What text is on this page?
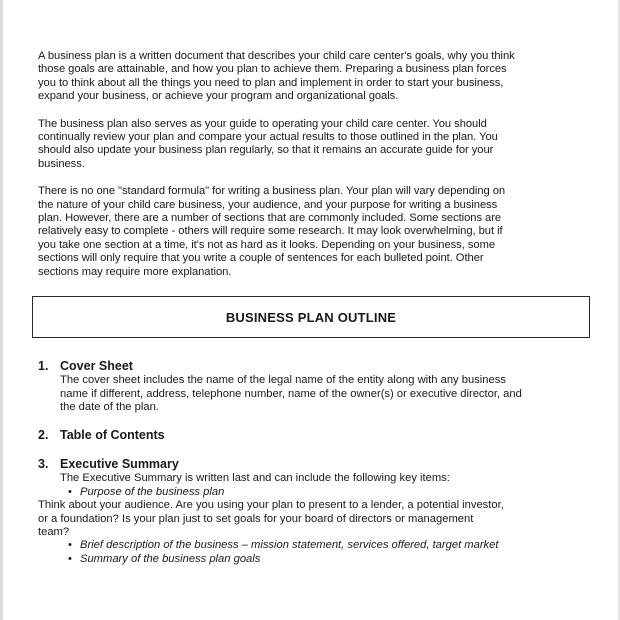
A business plan is a written document that describes your child care center's goals, why you think
those goals are attainable, and how you plan to achieve them. Preparing a business plan forces
you to think about all the things you need to plan and implement in order to start your business,
expand your business, or achieve your program and organizational goals.

The business plan also serves as your guide to operating your child care center. You should
continually review your plan and compare your actual results to those outlined in the plan. You
should also update your business plan regularly, so that it remains an accurate guide for your
business.

There is no one "standard formula" for writing a business plan. Your plan will vary depending on
the nature of your child care business, your audience, and your purpose for writing a business
plan. However, there are a number of sections that are commonly included. Some sections are
relatively easy to complete - others will require some research. It may look overwhelming, but if
you take one section at a time, it's not as hard as it looks. Depending on your business, some
sections will only require that you write a couple of sentences for each bulleted point. Other
sections may require more explanation.

BUSINESS PLAN OUTLINE
1. Cover Sheet
The cover sheet includes the name of the legal name of the entity along with any business
name if different, address, telephone number, name of the owner(s) or executive director, and
the date of the plan.
2. Table of Contents
3. Executive Summary
The Executive Summary is written last and can include the following key items:
• Purpose of the business plan
Think about your audience. Are you using your plan to present to a lender, a potential investor,
or a foundation? Is your plan just to set goals for your board of directors or management
team?
• Brief description of the business – mission statement, services offered, target market
• Summary of the business plan goals
